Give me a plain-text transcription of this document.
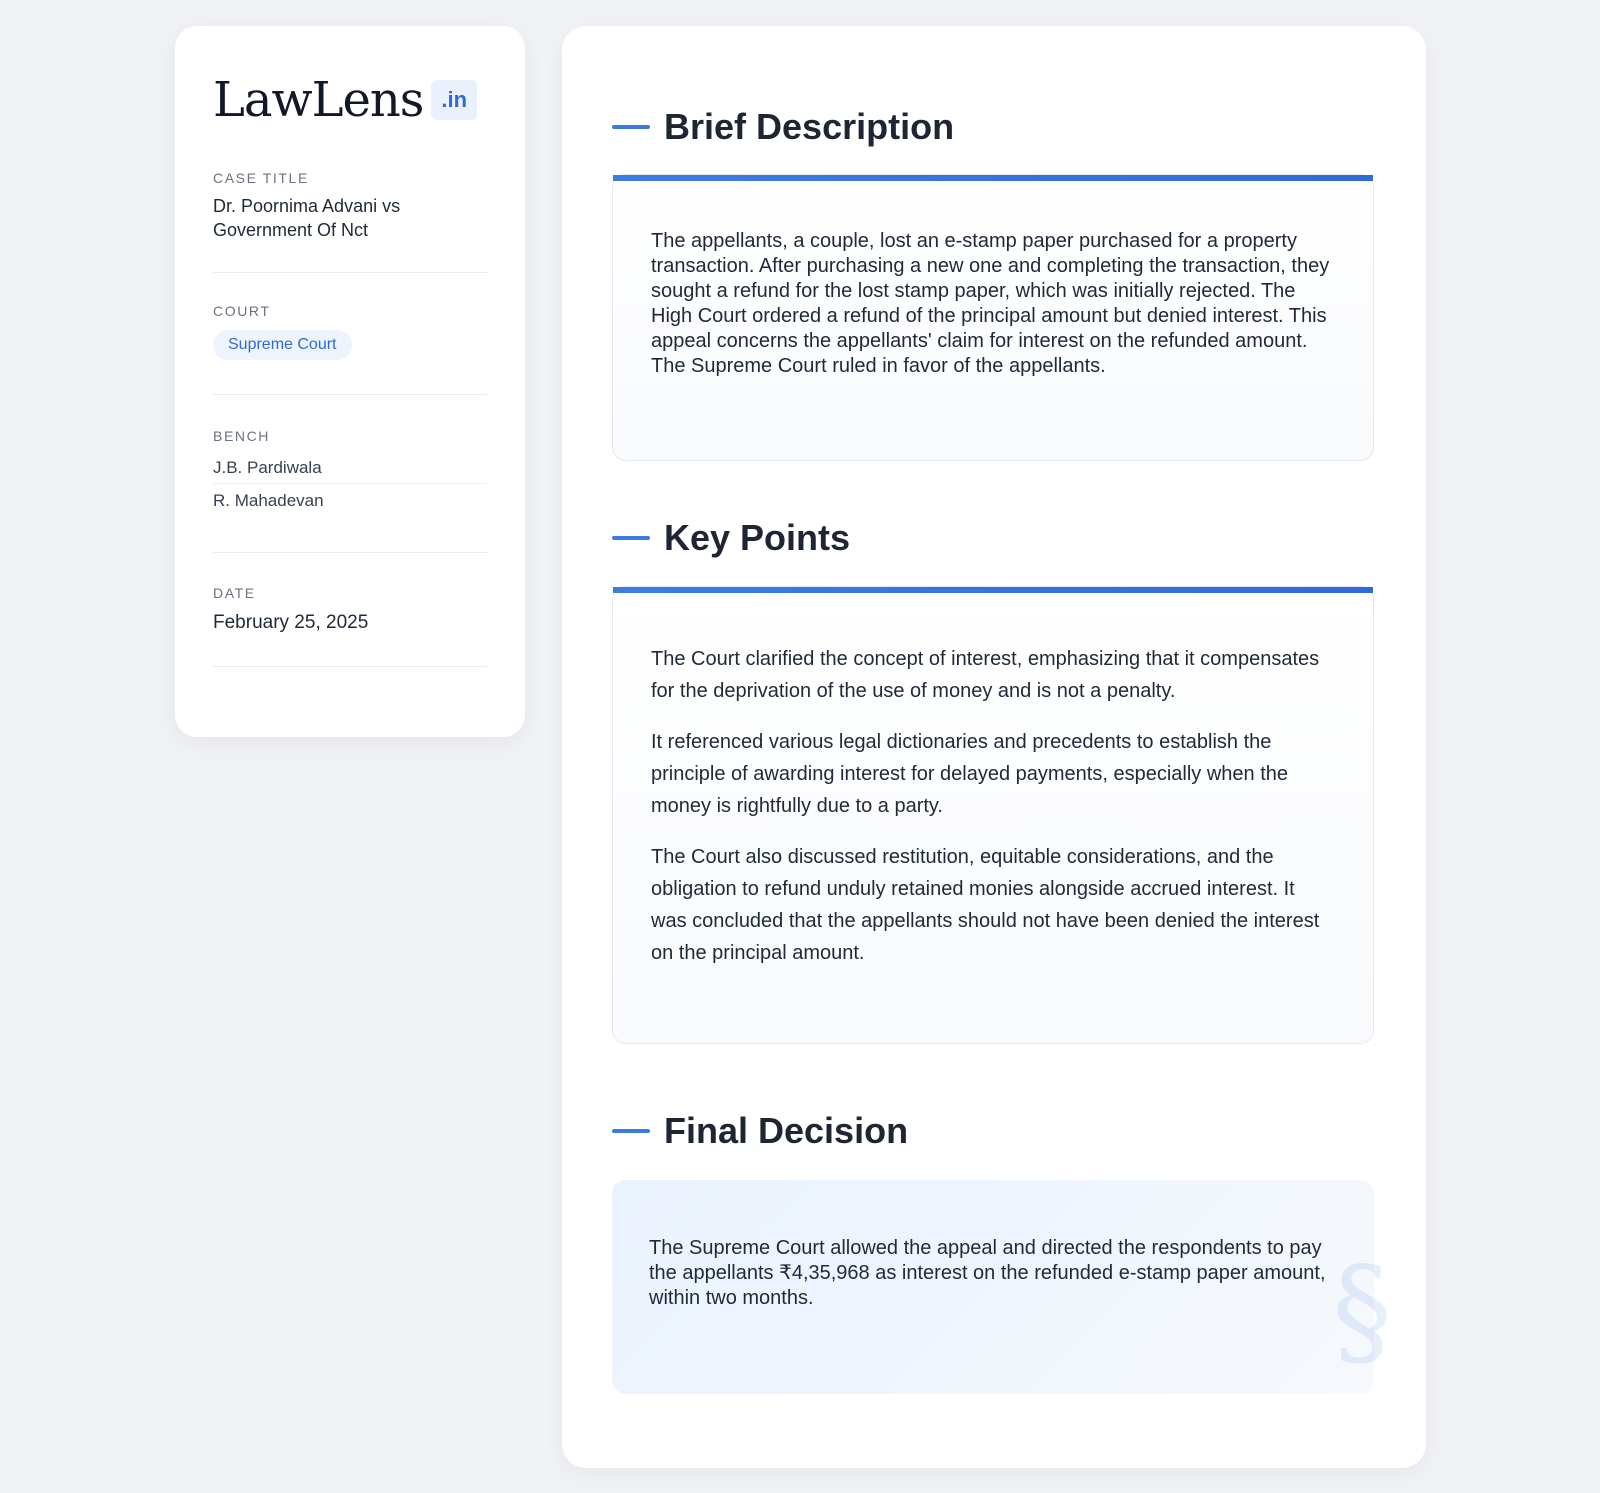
LawLens .in
CASE TITLE
Dr. Poornima Advani vs Government Of Nct
COURT
Supreme Court
BENCH
J.B. Pardiwala
R. Mahadevan
DATE
February 25, 2025
Brief Description
The appellants, a couple, lost an e-stamp paper purchased for a property transaction. After purchasing a new one and completing the transaction, they sought a refund for the lost stamp paper, which was initially rejected. The High Court ordered a refund of the principal amount but denied interest. This appeal concerns the appellants' claim for interest on the refunded amount. The Supreme Court ruled in favor of the appellants.
Key Points

The Court clarified the concept of interest, emphasizing that it compensates for the deprivation of the use of money and is not a penalty.

It referenced various legal dictionaries and precedents to establish the principle of awarding interest for delayed payments, especially when the money is rightfully due to a party.

The Court also discussed restitution, equitable considerations, and the obligation to refund unduly retained monies alongside accrued interest. It was concluded that the appellants should not have been denied the interest on the principal amount.

Final Decision
§
The Supreme Court allowed the appeal and directed the respondents to pay the appellants ₹4,35,968 as interest on the refunded e-stamp paper amount, within two months.
